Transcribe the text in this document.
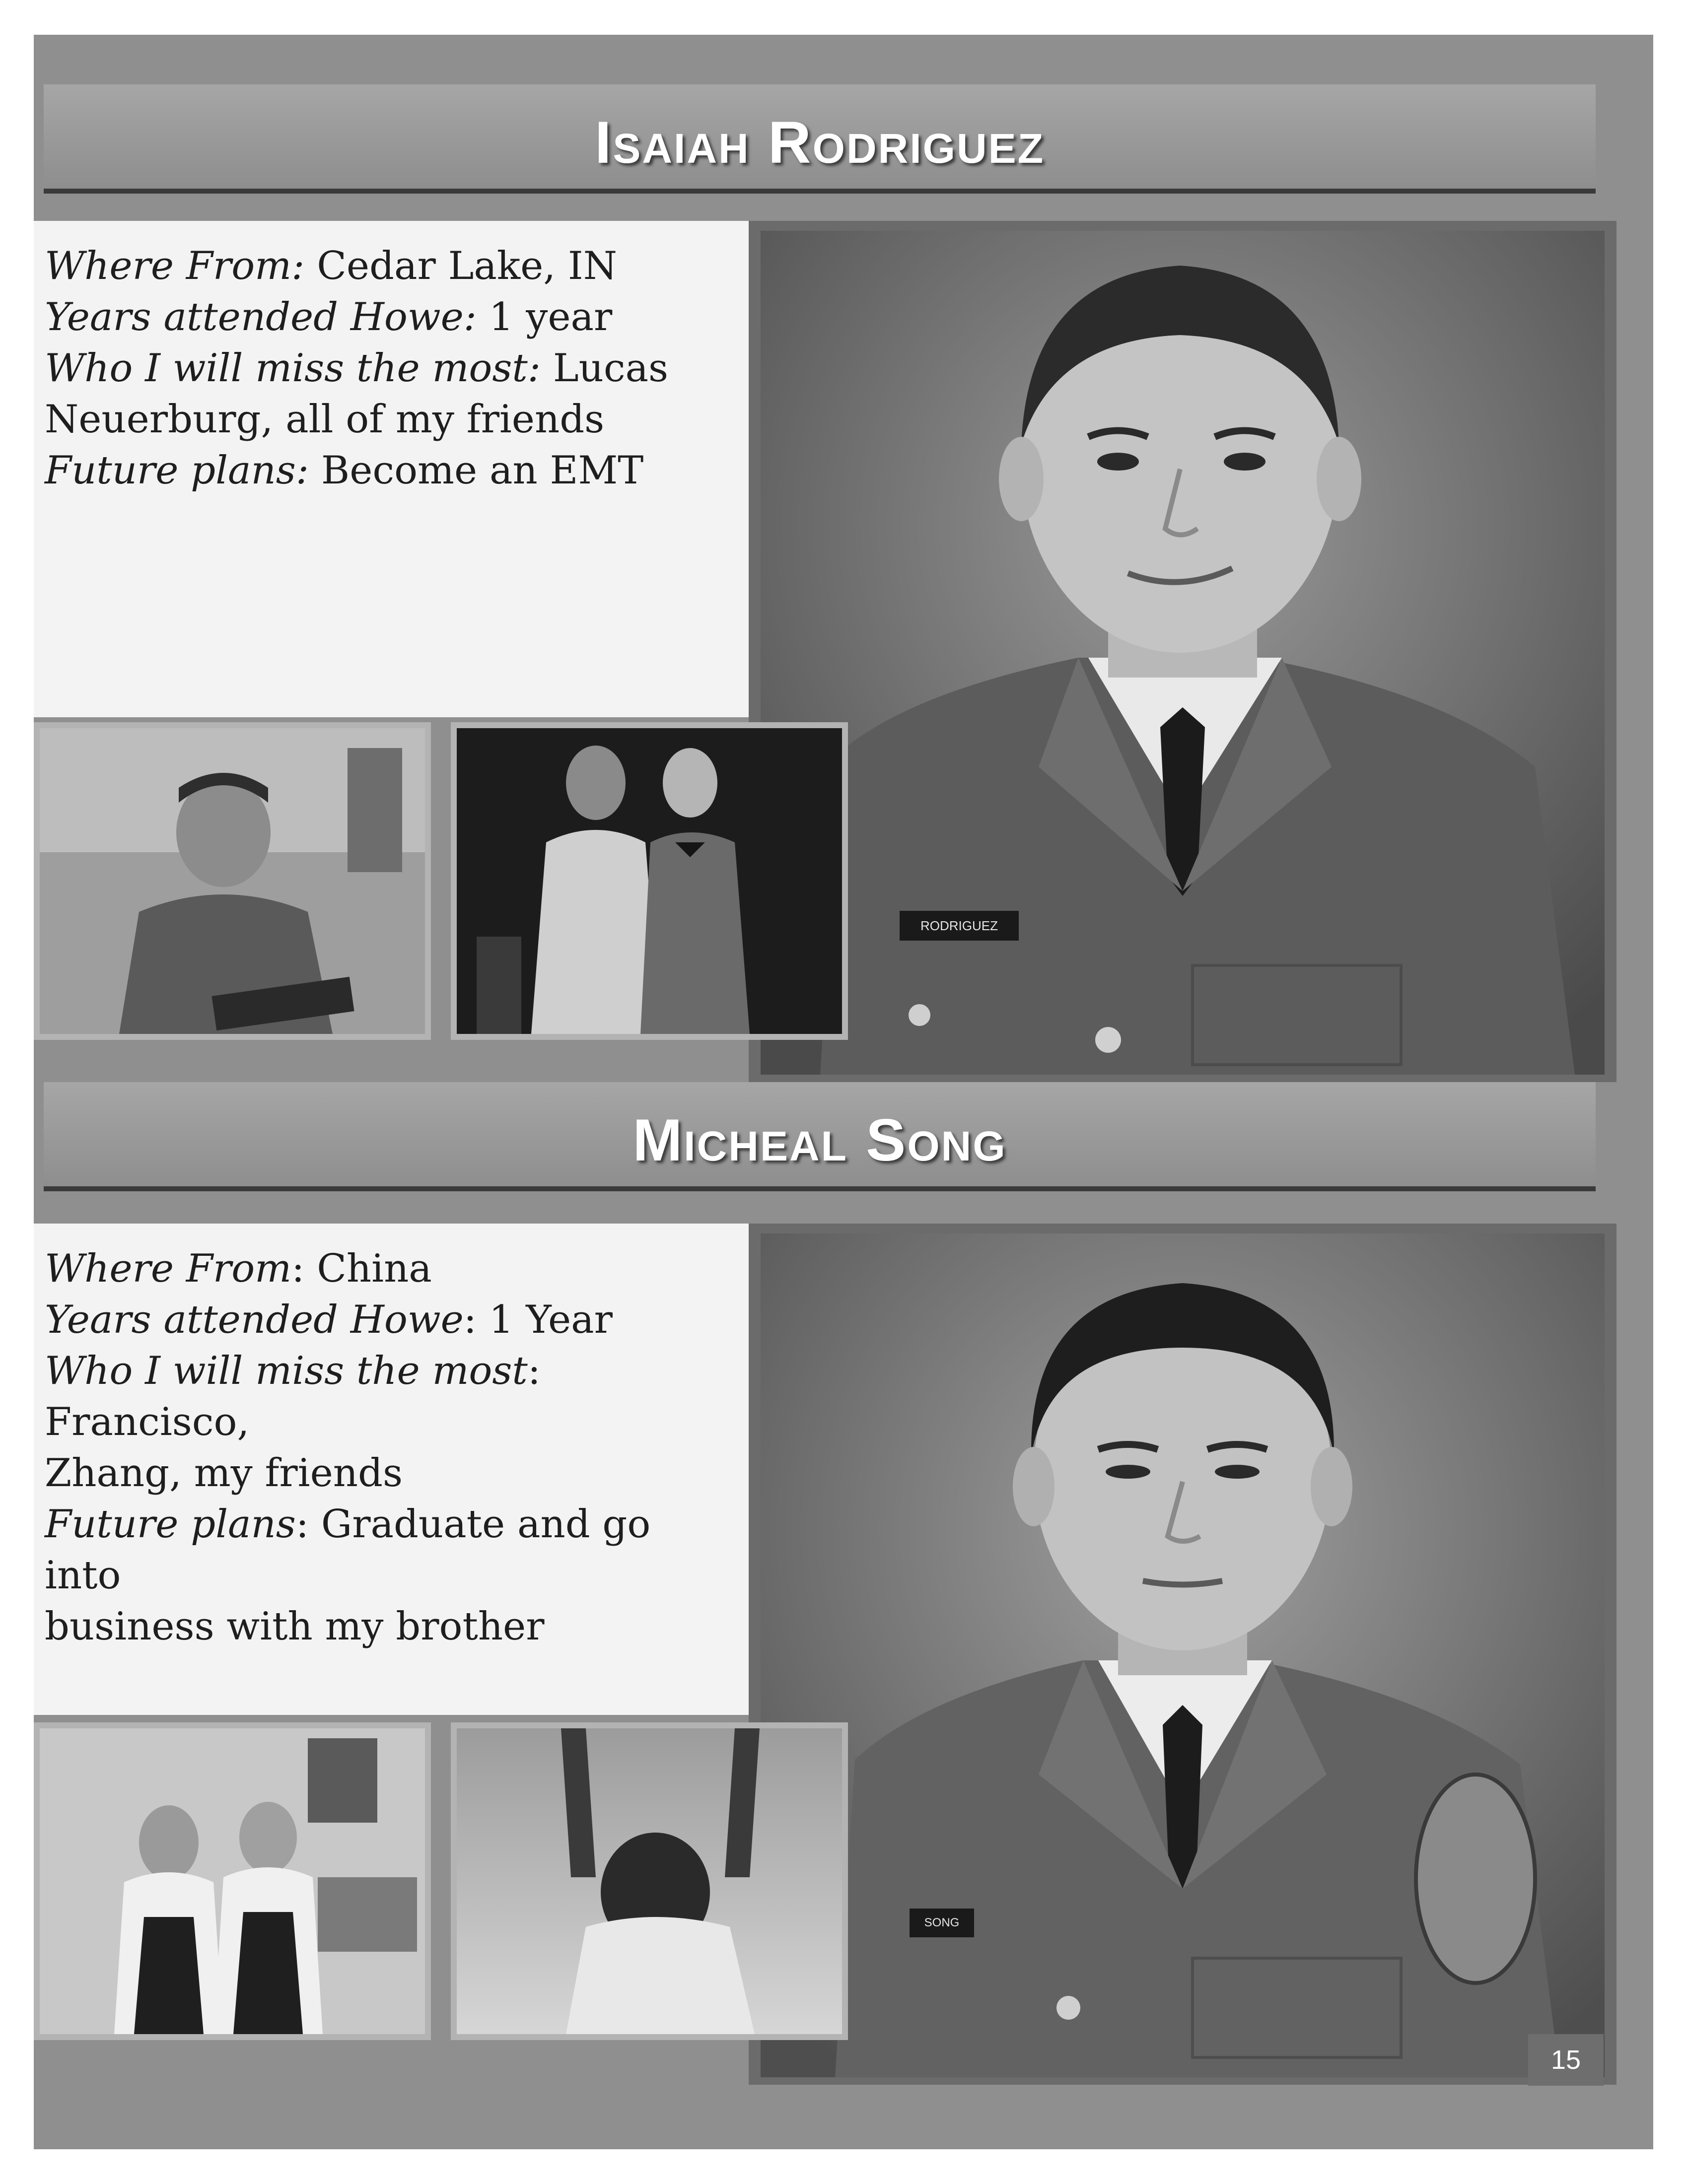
Isaiah Rodriguez

Where From: Cedar Lake, IN

Years attended Howe: 1 year

Who I will miss the most: Lucas

Neuerburg, all of my friends

Future plans: Become an EMT

RODRIGUEZ
Micheal Song

Where From: China

Years attended Howe: 1 Year

Who I will miss the most: Francisco,

Zhang, my friends

Future plans: Graduate and go into

business with my brother

SONG
15
